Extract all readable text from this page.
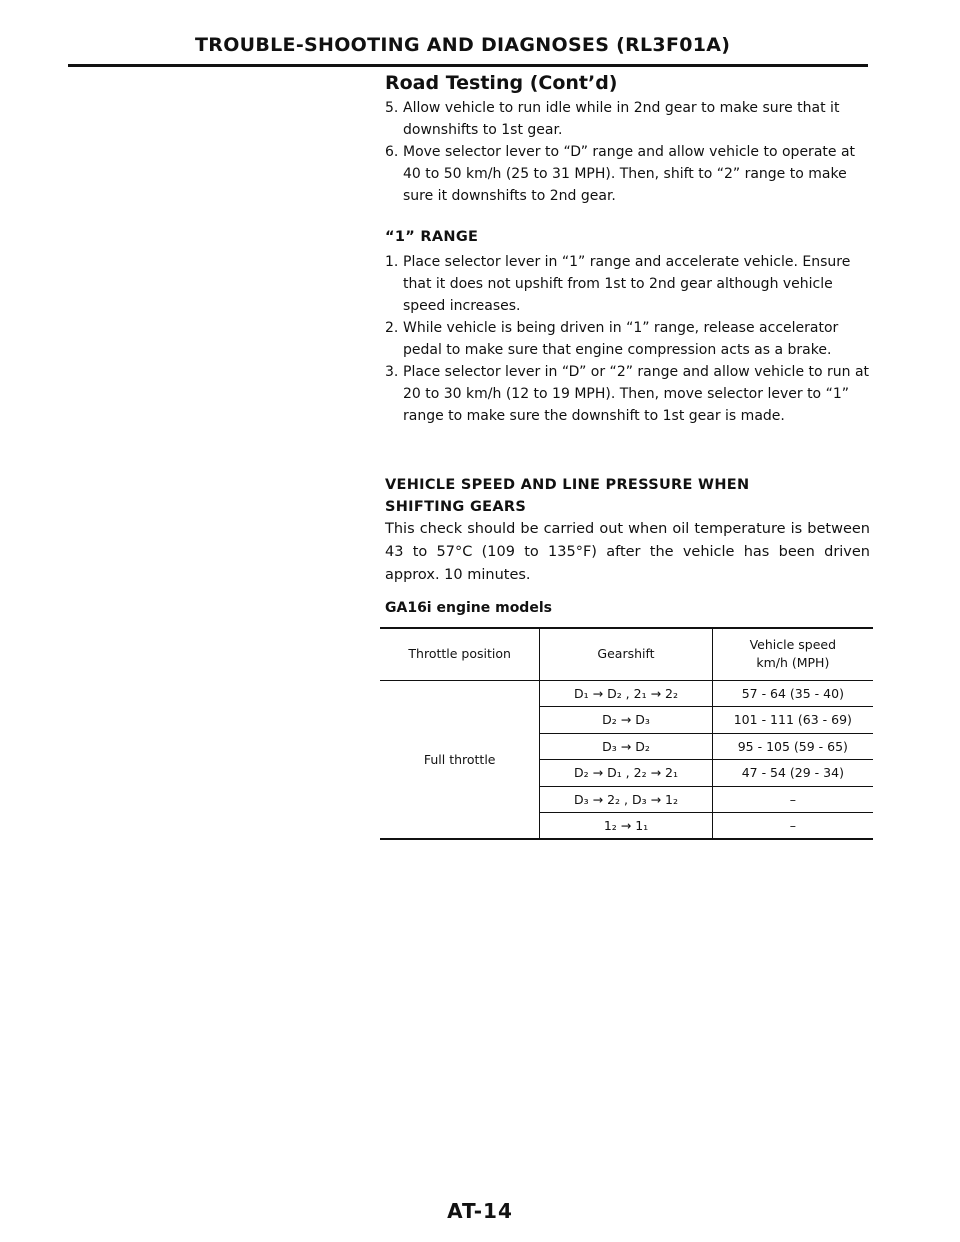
TROUBLE-SHOOTING AND DIAGNOSES (RL3F01A)
Road Testing (Cont’d)
5. Allow vehicle to run idle while in 2nd gear to make sure that it downshifts to 1st gear.
6. Move selector lever to “D” range and allow vehicle to operate at 40 to 50 km/h (25 to 31 MPH). Then, shift to “2” range to make sure it downshifts to 2nd gear.
“1” RANGE
1. Place selector lever in “1” range and accelerate vehicle. Ensure that it does not upshift from 1st to 2nd gear although vehicle speed increases.
2. While vehicle is being driven in “1” range, release accelerator pedal to make sure that engine compression acts as a brake.
3. Place selector lever in “D” or “2” range and allow vehicle to run at 20 to 30 km/h (12 to 19 MPH). Then, move selector lever to “1” range to make sure the downshift to 1st gear is made.
VEHICLE SPEED AND LINE PRESSURE WHEN
SHIFTING GEARS
This check should be carried out when oil temperature is between 43 to 57°C (109 to 135°F) after the vehicle has been driven approx. 10 minutes.
GA16i engine models
Throttle position	Gearshift	Vehicle speed
km/h (MPH)

Full throttle	D₁ → D₂ , 2₁ → 2₂	57 - 64 (35 - 40)
	D₂ → D₃	101 - 111 (63 - 69)
	D₃ → D₂	95 - 105 (59 - 65)
	D₂ → D₁ , 2₂ → 2₁	47 - 54 (29 - 34)
	D₃ → 2₂ , D₃ → 1₂	–
	1₂ → 1₁	–
AT-14
